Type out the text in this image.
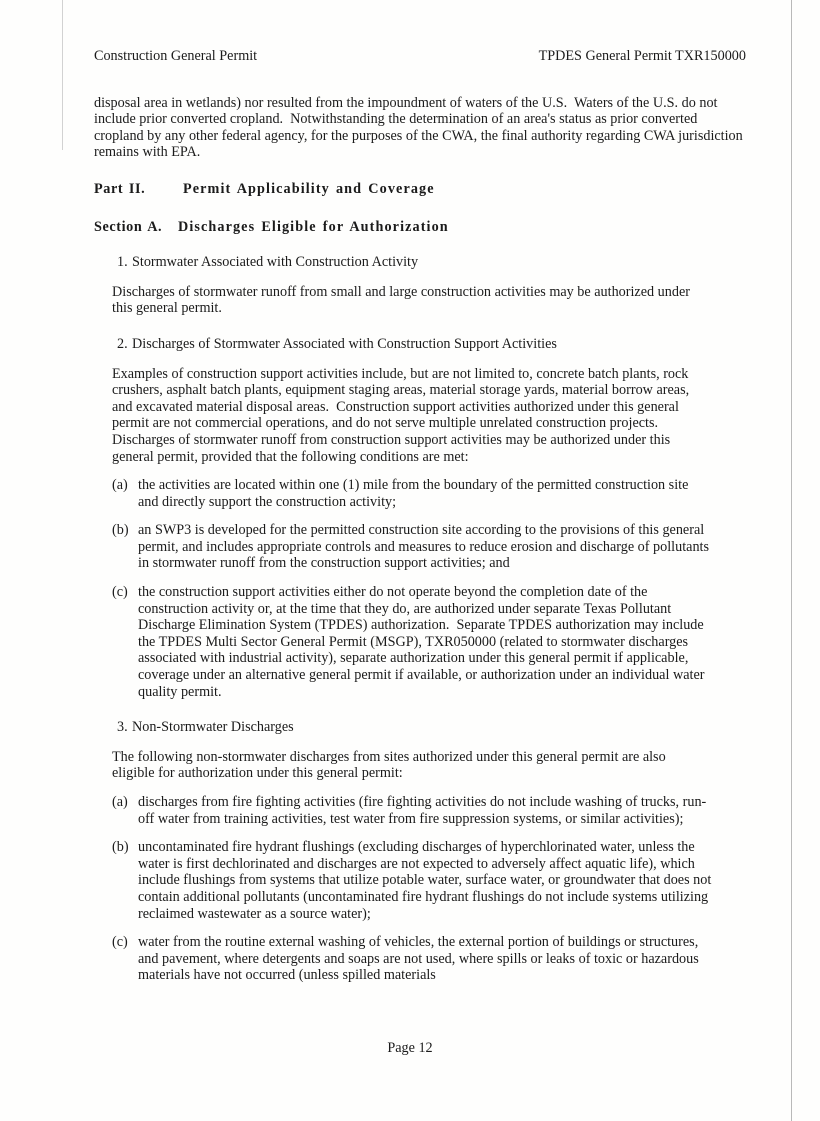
Construction General Permit	TPDES General Permit TXR150000

disposal area in wetlands) nor resulted from the impoundment of waters of the U.S.  Waters of the U.S. do not include prior converted cropland.  Notwithstanding the determination of an area's status as prior converted cropland by any other federal agency, for the purposes of the CWA, the final authority regarding CWA jurisdiction remains with EPA.

Part II.	Permit Applicability and Coverage
Section A. Discharges Eligible for Authorization
1. Stormwater Associated with Construction Activity

Discharges of stormwater runoff from small and large construction activities may be authorized under this general permit.

2. Discharges of Stormwater Associated with Construction Support Activities

Examples of construction support activities include, but are not limited to, concrete batch plants, rock crushers, asphalt batch plants, equipment staging areas, material storage yards, material borrow areas, and excavated material disposal areas.  Construction support activities authorized under this general permit are not commercial operations, and do not serve multiple unrelated construction projects.  Discharges of stormwater runoff from construction support activities may be authorized under this general permit, provided that the following conditions are met:

(a) the activities are located within one (1) mile from the boundary of the permitted construction site and directly support the construction activity;
(b) an SWP3 is developed for the permitted construction site according to the provisions of this general permit, and includes appropriate controls and measures to reduce erosion and discharge of pollutants in stormwater runoff from the construction support activities; and
(c) the construction support activities either do not operate beyond the completion date of the construction activity or, at the time that they do, are authorized under separate Texas Pollutant Discharge Elimination System (TPDES) authorization.  Separate TPDES authorization may include the TPDES Multi Sector General Permit (MSGP), TXR050000 (related to stormwater discharges associated with industrial activity), separate authorization under this general permit if applicable, coverage under an alternative general permit if available, or authorization under an individual water quality permit.
3. Non-Stormwater Discharges

The following non-stormwater discharges from sites authorized under this general permit are also eligible for authorization under this general permit:

(a) discharges from fire fighting activities (fire fighting activities do not include washing of trucks, run-off water from training activities, test water from fire suppression systems, or similar activities);
(b) uncontaminated fire hydrant flushings (excluding discharges of hyperchlorinated water, unless the water is first dechlorinated and discharges are not expected to adversely affect aquatic life), which include flushings from systems that utilize potable water, surface water, or groundwater that does not contain additional pollutants (uncontaminated fire hydrant flushings do not include systems utilizing reclaimed wastewater as a source water);
(c) water from the routine external washing of vehicles, the external portion of buildings or structures, and pavement, where detergents and soaps are not used, where spills or leaks of toxic or hazardous materials have not occurred (unless spilled materials
Page 12
